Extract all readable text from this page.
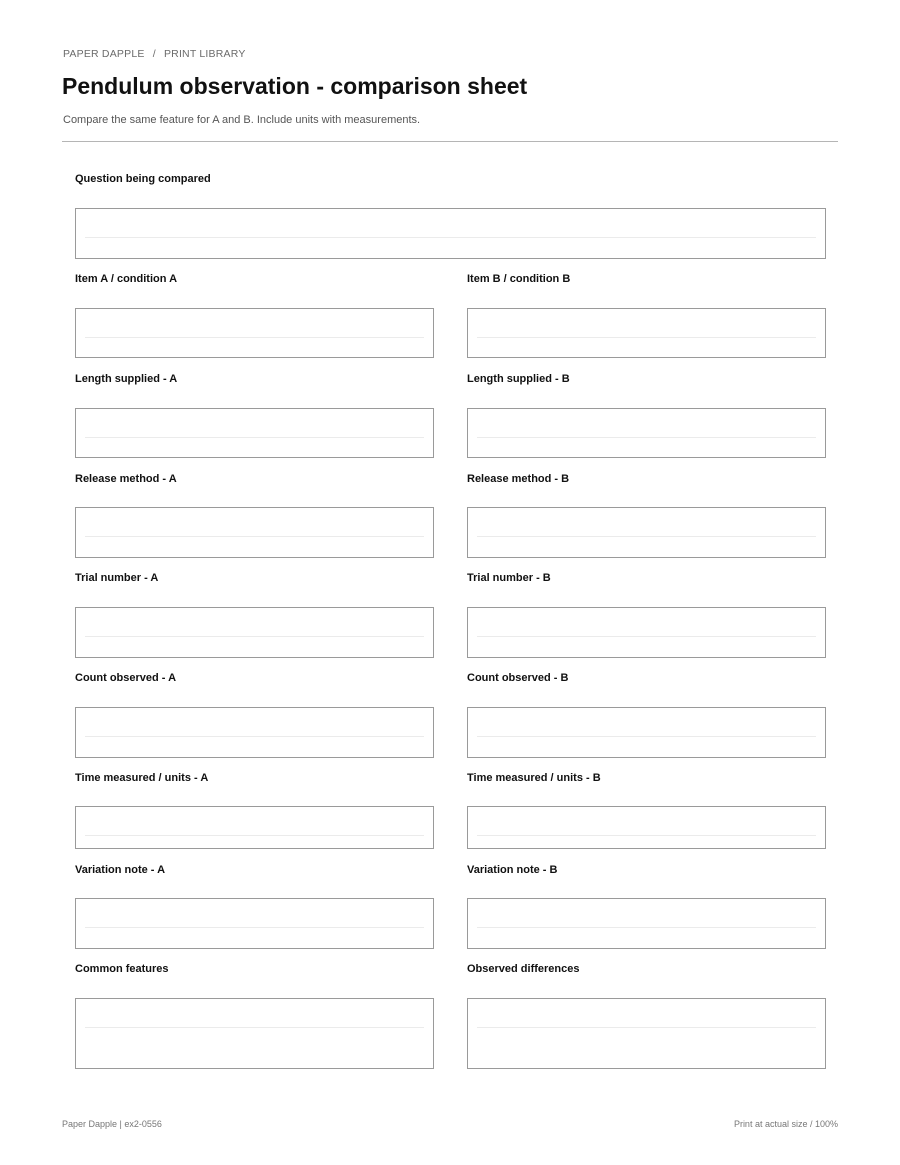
PAPER DAPPLE / PRINT LIBRARY
Pendulum observation - comparison sheet
Compare the same feature for A and B. Include units with measurements.
Question being compared
Item A / condition A	Item B / condition B
Length supplied - A	Length supplied - B
Release method - A	Release method - B
Trial number - A	Trial number - B
Count observed - A	Count observed - B
Time measured / units - A	Time measured / units - B
Variation note - A	Variation note - B
Common features	Observed differences
Paper Dapple | ex2-0556	Print at actual size / 100%
